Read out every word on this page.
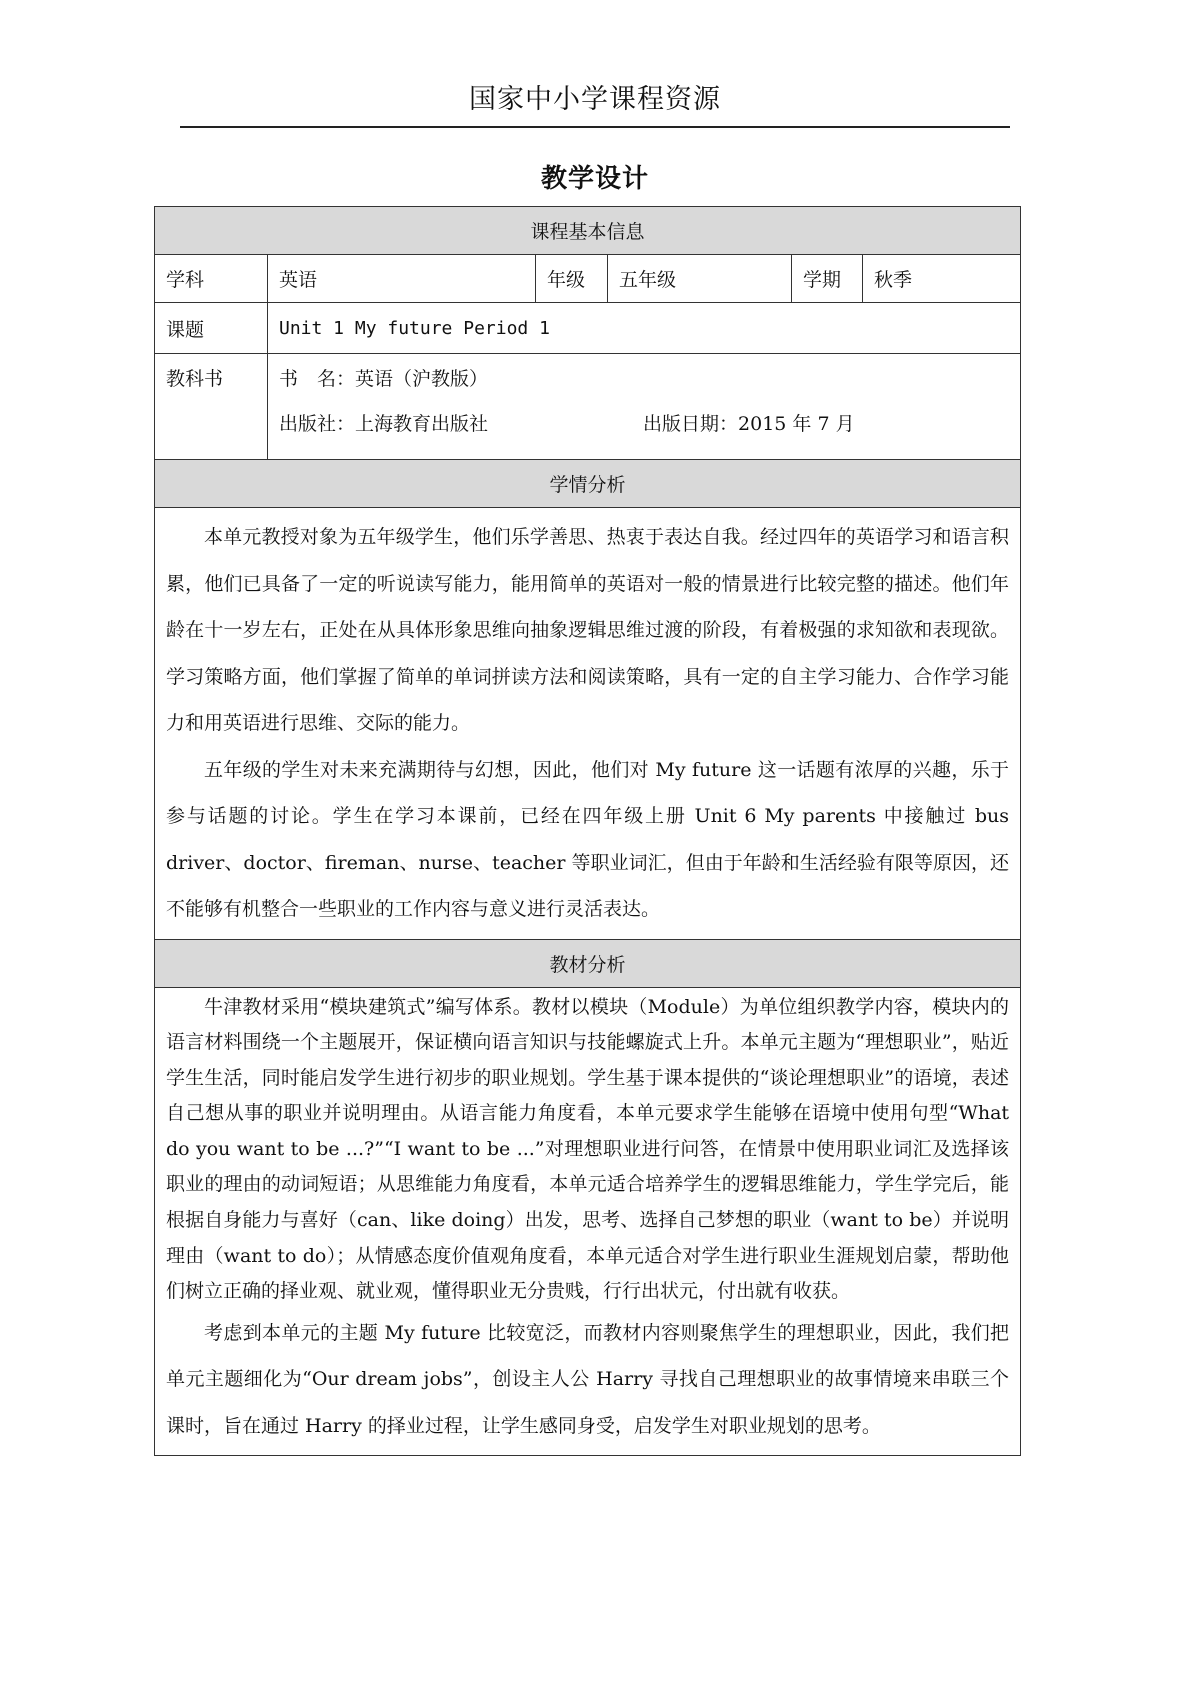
国家中小学课程资源
教学设计
课程基本信息					
学科	英语	年级	五年级	学期	秋季
课题	Unit 1 My future Period 1				

教科书	书　名：英语（沪教版）
出版社：上海教育出版社 出版日期：2015 年 7 月				

学情分析					

本单元教授对象为五年级学生，他们乐学善思、热衷于表达自我。经过四年的英语学习和语言积累，他们已具备了一定的听说读写能力，能用简单的英语对一般的情景进行比较完整的描述。他们年龄在十一岁左右，正处在从具体形象思维向抽象逻辑思维过渡的阶段，有着极强的求知欲和表现欲。学习策略方面，他们掌握了简单的单词拼读方法和阅读策略，具有一定的自主学习能力、合作学习能力和用英语进行思维、交际的能力。

五年级的学生对未来充满期待与幻想，因此，他们对 My future 这一话题有浓厚的兴趣，乐于参与话题的讨论。学生在学习本课前，已经在四年级上册 Unit 6 My parents 中接触过 bus driver、doctor、fireman、nurse、teacher 等职业词汇，但由于年龄和生活经验有限等原因，还不能够有机整合一些职业的工作内容与意义进行灵活表达。					

教材分析					

牛津教材采用“模块建筑式”编写体系。教材以模块（Module）为单位组织教学内容，模块内的语言材料围绕一个主题展开，保证横向语言知识与技能螺旋式上升。本单元主题为“理想职业”，贴近学生生活，同时能启发学生进行初步的职业规划。学生基于课本提供的“谈论理想职业”的语境，表述自己想从事的职业并说明理由。从语言能力角度看，本单元要求学生能够在语境中使用句型“What do you want to be ...?”“I want to be ...”对理想职业进行问答，在情景中使用职业词汇及选择该职业的理由的动词短语；从思维能力角度看，本单元适合培养学生的逻辑思维能力，学生学完后，能根据自身能力与喜好（can、like doing）出发，思考、选择自己梦想的职业（want to be）并说明理由（want to do）；从情感态度价值观角度看，本单元适合对学生进行职业生涯规划启蒙，帮助他们树立正确的择业观、就业观，懂得职业无分贵贱，行行出状元，付出就有收获。

考虑到本单元的主题 My future 比较宽泛，而教材内容则聚焦学生的理想职业，因此，我们把单元主题细化为“Our dream jobs”，创设主人公 Harry 寻找自己理想职业的故事情境来串联三个课时，旨在通过 Harry 的择业过程，让学生感同身受，启发学生对职业规划的思考。					
